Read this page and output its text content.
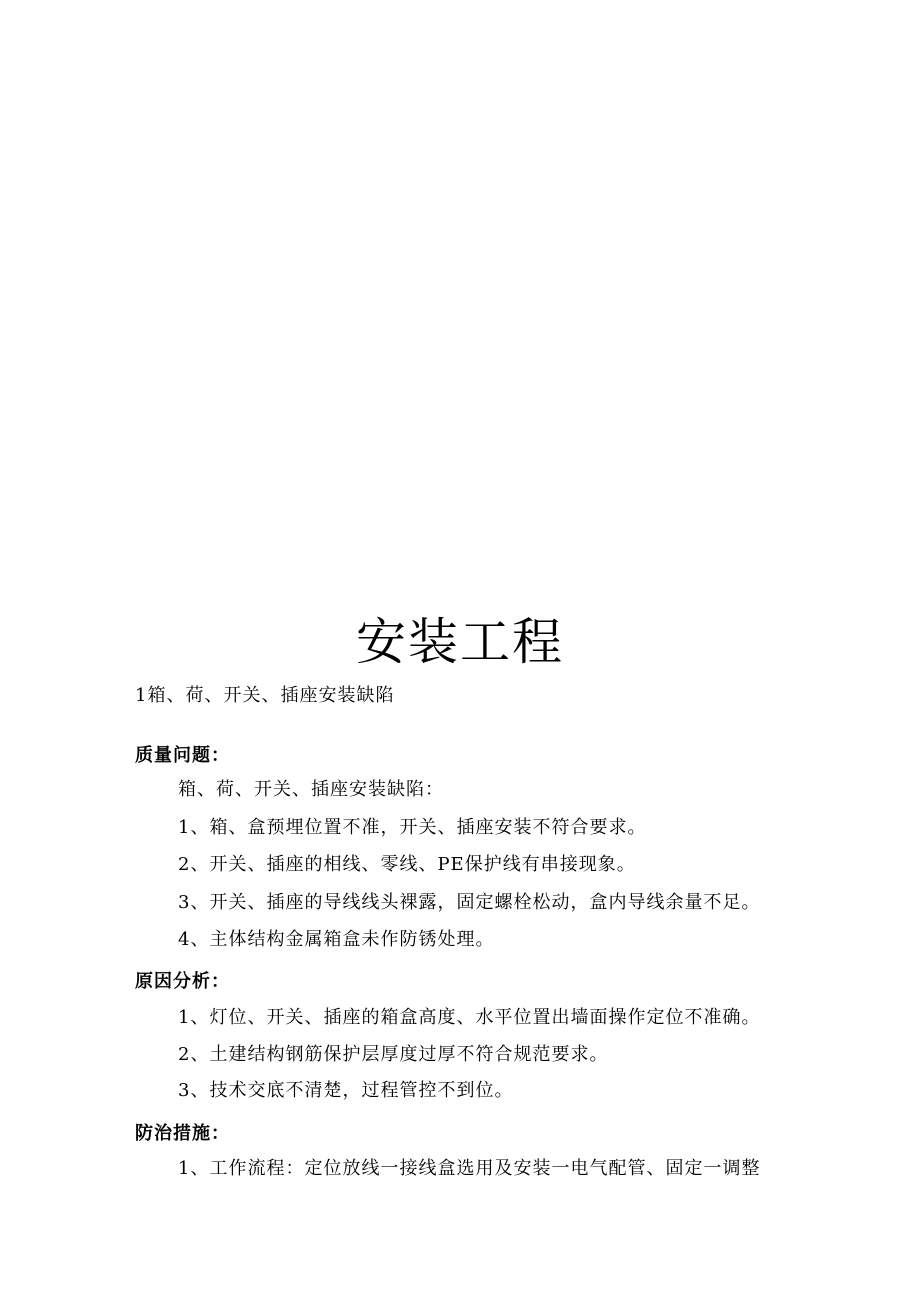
安装工程
1箱、荷、开关、插座安装缺陷
质量问题：
箱、荷、开关、插座安装缺陷：
1、箱、盒预埋位置不准，开关、插座安装不符合要求。
2、开关、插座的相线、零线、PE保护线有串接现象。
3、开关、插座的导线线头裸露，固定螺栓松动，盒内导线余量不足。
4、主体结构金属箱盒未作防锈处理。
原因分析：
1、灯位、开关、插座的箱盒高度、水平位置出墙面操作定位不准确。
2、土建结构钢筋保护层厚度过厚不符合规范要求。
3、技术交底不清楚，过程管控不到位。
防治措施：
1、工作流程：定位放线一接线盒选用及安装一电气配管、固定一调整
